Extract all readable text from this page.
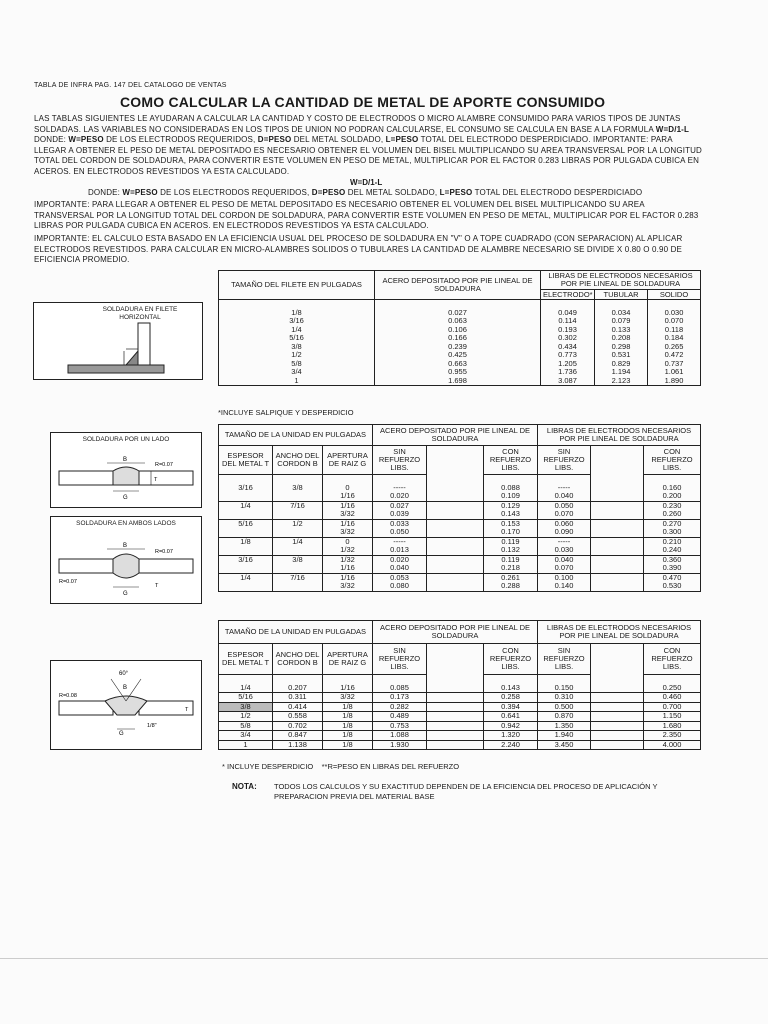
TABLA DE INFRA PAG. 147 DEL CATALOGO DE VENTAS
COMO CALCULAR LA CANTIDAD DE METAL DE APORTE CONSUMIDO
LAS TABLAS SIGUIENTES LE AYUDARAN A CALCULAR LA CANTIDAD Y COSTO DE ELECTRODOS O MICRO ALAMBRE CONSUMIDO PARA VARIOS TIPOS DE JUNTAS SOLDADAS. LAS VARIABLES NO CONSIDERADAS EN LOS TIPOS DE UNION NO PODRAN CALCULARSE, EL CONSUMO SE CALCULA EN BASE A LA FORMULA W=D/1-L
DONDE: W=PESO DE LOS ELECTRODOS REQUERIDOS, D=PESO DEL METAL SOLDADO, L=PESO TOTAL DEL ELECTRODO DESPERDICIADO. IMPORTANTE: PARA LLEGAR A OBTENER EL PESO DE METAL DEPOSITADO ES NECESARIO OBTENER EL VOLUMEN DEL BISEL MULTIPLICANDO SU AREA TRANSVERSAL POR LA LONGITUD TOTAL DEL CORDON DE SOLDADURA, PARA CONVERTIR ESTE VOLUMEN EN PESO DE METAL, MULTIPLICAR POR EL FACTOR 0.283 LIBRAS POR PULGADA CUBICA EN ACEROS. EN ELECTRODOS REVESTIDOS YA ESTA CALCULADO.
W=D/1-L
DONDE: W=PESO DE LOS ELECTRODOS REQUERIDOS, D=PESO DEL METAL SOLDADO, L=PESO TOTAL DEL ELECTRODO DESPERDICIADO
IMPORTANTE: PARA LLEGAR A OBTENER EL PESO DE METAL DEPOSITADO ES NECESARIO OBTENER EL VOLUMEN DEL BISEL MULTIPLICANDO SU AREA TRANSVERSAL POR LA LONGITUD TOTAL DEL CORDON DE SOLDADURA, PARA CONVERTIR ESTE VOLUMEN EN PESO DE METAL, MULTIPLICAR POR EL FACTOR 0.283 LIBRAS POR PULGADA CUBICA EN ACEROS. EN ELECTRODOS REVESTIDOS YA ESTA CALCULADO.
IMPORTANTE: EL CALCULO ESTA BASADO EN LA EFICIENCIA USUAL DEL PROCESO DE SOLDADURA EN "V" O A TOPE CUADRADO (CON SEPARACION) AL APLICAR ELECTRODOS REVESTIDOS. PARA CALCULAR EN MICRO-ALAMBRES SOLIDOS O TUBULARES LA CANTIDAD DE ALAMBRE NECESARIO SE DIVIDE X 0.80 O 0.90 DE EFICIENCIA PROMEDIO.
TAMAÑO DEL FILETE EN PULGADAS	ACERO DEPOSITADO POR PIE LINEAL DE SOLDADURA	LIBRAS DE ELECTRODOS NECESARIOS POR PIE LINEAL DE SOLDADURA		
		ELECTRODO*	TUBULAR	SOLIDO

1/8	0.027	0.049	0.034	0.030
3/16	0.063	0.114	0.079	0.070
1/4	0.106	0.193	0.133	0.118
5/16	0.166	0.302	0.208	0.184
3/8	0.239	0.434	0.298	0.265
1/2	0.425	0.773	0.531	0.472
5/8	0.663	1.205	0.829	0.737
3/4	0.955	1.736	1.194	1.061
1	1.698	3.087	2.123	1.890
*INCLUYE SALPIQUE Y DESPERDICIO
SOLDADURA EN FILETE HORIZONTAL
TAMAÑO DE LA UNIDAD EN PULGADAS			ACERO DEPOSITADO POR PIE LINEAL DE SOLDADURA			LIBRAS DE ELECTRODOS NECESARIOS POR PIE LINEAL DE SOLDADURA		
ESPESOR DEL METAL T	ANCHO DEL CORDON B	APERTURA DE RAIZ G	SIN REFUERZO LIBS.		CON REFUERZO LIBS.	SIN REFUERZO LIBS.		CON REFUERZO LIBS.

3/16	3/8	0	-----		0.088	-----		0.160
		1/16	0.020		0.109	0.040		0.200
1/4	7/16	1/16	0.027		0.129	0.050		0.230
		3/32	0.039		0.143	0.070		0.260
5/16	1/2	1/16	0.033		0.153	0.060		0.270
		3/32	0.050		0.170	0.090		0.300
1/8	1/4	0	-----		0.119	-----		0.210
		1/32	0.013		0.132	0.030		0.240
3/16	3/8	1/32	0.020		0.119	0.040		0.360
		1/16	0.040		0.218	0.070		0.390
1/4	7/16	1/16	0.053		0.261	0.100		0.470
		3/32	0.080		0.288	0.140		0.530
SOLDADURA POR UN LADO
B
R=0.07
G
T
SOLDADURA EN AMBOS LADOS
B
R=0.07
R=0.07
G
T
TAMAÑO DE LA UNIDAD EN PULGADAS			ACERO DEPOSITADO POR PIE LINEAL DE SOLDADURA			LIBRAS DE ELECTRODOS NECESARIOS POR PIE LINEAL DE SOLDADURA		
ESPESOR DEL METAL T	ANCHO DEL CORDON B	APERTURA DE RAIZ G	SIN REFUERZO LIBS.		CON REFUERZO LIBS.	SIN REFUERZO LIBS.		CON REFUERZO LIBS.

1/4	0.207	1/16	0.085		0.143	0.150		0.250
5/16	0.311	3/32	0.173		0.258	0.310		0.460
3/8	0.414	1/8	0.282		0.394	0.500		0.700
1/2	0.558	1/8	0.489		0.641	0.870		1.150
5/8	0.702	1/8	0.753		0.942	1.350		1.680
3/4	0.847	1/8	1.088		1.320	1.940		2.350
1	1.138	1/8	1.930		2.240	3.450		4.000
* INCLUYE DESPERDICIO    **R=PESO EN LIBRAS DEL REFUERZO
60°
R=0.08
B
T
G
1/8"
NOTA: TODOS LOS CALCULOS Y SU EXACTITUD DEPENDEN DE LA EFICIENCIA DEL PROCESO DE APLICACIÓN Y PREPARACION PREVIA DEL MATERIAL BASE
